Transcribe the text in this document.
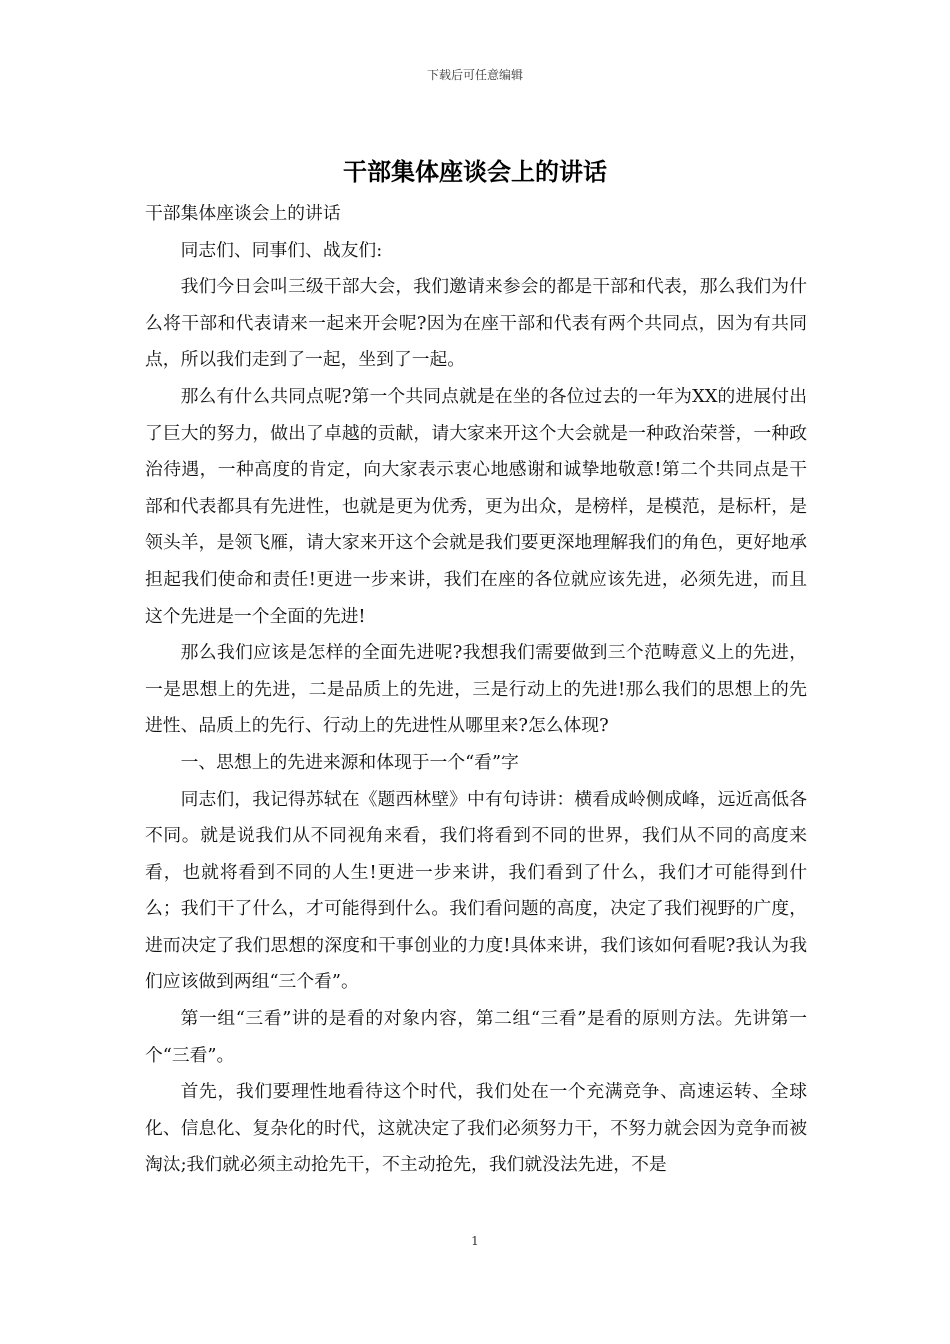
下载后可任意编辑
干部集体座谈会上的讲话

干部集体座谈会上的讲话

同志们、同事们、战友们:

我们今日会叫三级干部大会，我们邀请来参会的都是干部和代表，那么我们为什么将干部和代表请来一起来开会呢?因为在座干部和代表有两个共同点，因为有共同点，所以我们走到了一起，坐到了一起。

那么有什么共同点呢?第一个共同点就是在坐的各位过去的一年为XX的进展付出了巨大的努力，做出了卓越的贡献，请大家来开这个大会就是一种政治荣誉，一种政治待遇，一种高度的肯定，向大家表示衷心地感谢和诚挚地敬意!第二个共同点是干部和代表都具有先进性，也就是更为优秀，更为出众，是榜样，是模范，是标杆，是领头羊，是领飞雁，请大家来开这个会就是我们要更深地理解我们的角色，更好地承担起我们使命和责任!更进一步来讲，我们在座的各位就应该先进，必须先进，而且这个先进是一个全面的先进!

那么我们应该是怎样的全面先进呢?我想我们需要做到三个范畴意义上的先进，一是思想上的先进，二是品质上的先进，三是行动上的先进!那么我们的思想上的先进性、品质上的先行、行动上的先进性从哪里来?怎么体现?

一、思想上的先进来源和体现于一个“看”字

同志们，我记得苏轼在《题西林壁》中有句诗讲：横看成岭侧成峰，远近高低各不同。就是说我们从不同视角来看，我们将看到不同的世界，我们从不同的高度来看，也就将看到不同的人生!更进一步来讲，我们看到了什么，我们才可能得到什么；我们干了什么，才可能得到什么。我们看问题的高度，决定了我们视野的广度，进而决定了我们思想的深度和干事创业的力度!具体来讲，我们该如何看呢?我认为我们应该做到两组“三个看”。

第一组“三看”讲的是看的对象内容，第二组“三看”是看的原则方法。先讲第一个“三看”。

首先，我们要理性地看待这个时代，我们处在一个充满竞争、高速运转、全球化、信息化、复杂化的时代，这就决定了我们必须努力干，不努力就会因为竞争而被淘汰;我们就必须主动抢先干，不主动抢先，我们就没法先进，不是

1
